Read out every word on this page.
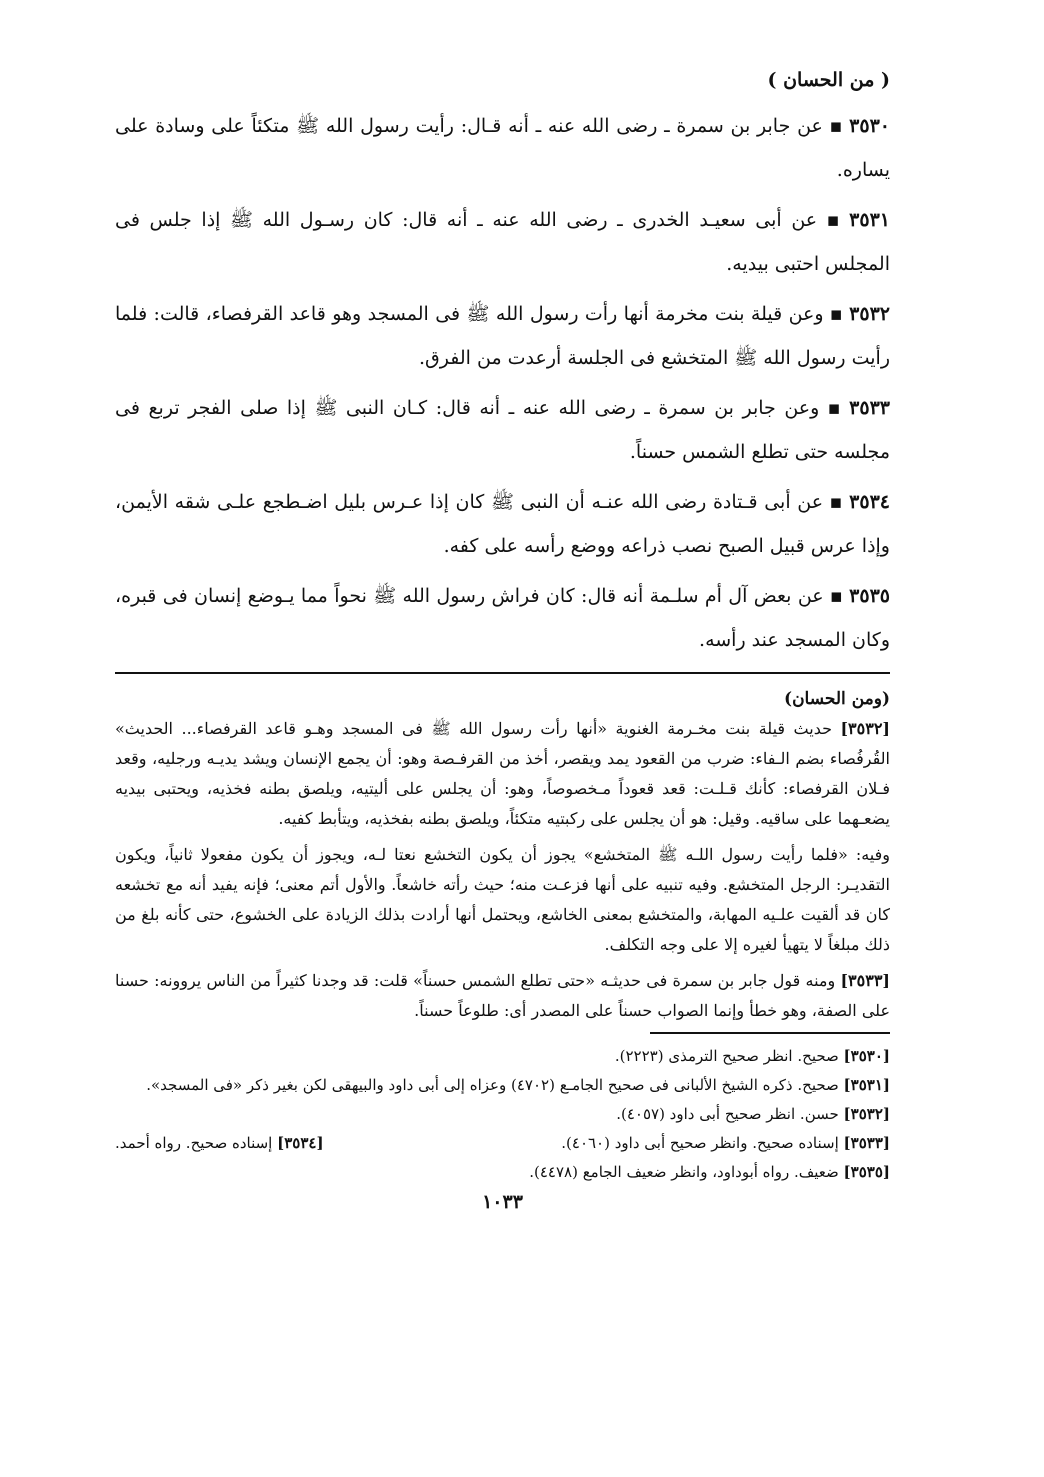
( من الحسان )
٣٥٣٠▪عن جابر بن سمرة ـ رضى الله عنه ـ أنه قـال: رأيت رسول الله ﷺ متكئاً على وسادة على يساره.
٣٥٣١▪عن أبى سعيـد الخدرى ـ رضى الله عنه ـ أنه قال: كان رسـول الله ﷺ إذا جلس فى المجلس احتبى بيديه.
٣٥٣٢▪وعن قيلة بنت مخرمة أنها رأت رسول الله ﷺ فى المسجد وهو قاعد القرفصاء، قالت: فلما رأيت رسول الله ﷺ المتخشع فى الجلسة أرعدت من الفرق.
٣٥٣٣▪وعن جابر بن سمرة ـ رضى الله عنه ـ أنه قال: كـان النبى ﷺ إذا صلى الفجر تربع فى مجلسه حتى تطلع الشمس حسناً.
٣٥٣٤▪عن أبى قـتادة رضى الله عنـه أن النبى ﷺ كان إذا عـرس بليل اضـطجع علـى شقه الأيمن، وإذا عرس قبيل الصبح نصب ذراعه ووضع رأسه على كفه.
٣٥٣٥▪عن بعض آل أم سلـمة أنه قال: كان فراش رسول الله ﷺ نحواً مما يـوضع إنسان فى قبره، وكان المسجد عند رأسه.
(ومن الحسان)

[٣٥٣٢] حديث قيلة بنت مخـرمة الغنوية «أنها رأت رسول الله ﷺ فى المسجد وهـو قاعد القرفصاء... الحديث» القُرفُصاء بضم الـفاء: ضرب من القعود يمد ويقصر، أخذ من القرفـصة وهو: أن يجمع الإنسان ويشد يديـه ورجليه، وقعد فـلان القرفصاء: كأنك قـلـت: قعد قعوداً مـخصوصاً، وهو: أن يجلس على أليتيه، ويلصق بطنه فخذيه، ويحتبى بيديه يضعـهما على ساقيه. وقيل: هو أن يجلس على ركبتيه متكئاً، ويلصق بطنه بفخذيه، ويتأبط كفيه.

وفيه: «فلما رأيت رسول اللـه ﷺ المتخشع» يجوز أن يكون التخشع نعتا لـه، ويجوز أن يكون مفعولا ثانياً، ويكون التقديـر: الرجل المتخشع. وفيه تنبيه على أنها فزعـت منه؛ حيث رأته خاشعاً. والأول أتم معنى؛ فإنه يفيد أنه مع تخشعه كان قد ألقيت علـيه المهابة، والمتخشع بمعنى الخاشع، ويحتمل أنها أرادت بذلك الزيادة على الخشوع، حتى كأنه بلغ من ذلك مبلغاً لا يتهيأ لغيره إلا على وجه التكلف.

[٣٥٣٣] ومنه قول جابر بن سمرة فى حديثـه «حتى تطلع الشمس حسناً» قلت: قد وجدنا كثيراً من الناس يروونه: حسنا على الصفة، وهو خطأ وإنما الصواب حسناً على المصدر أى: طلوعاً حسناً.

[٣٥٣٠] صحيح. انظر صحيح الترمذى (٢٢٢٣).

[٣٥٣١] صحيح. ذكره الشيخ الألبانى فى صحيح الجامـع (٤٧٠٢) وعزاه إلى أبى داود والبيهقى لكن بغير ذكر «فى المسجد».

[٣٥٣٢] حسن. انظر صحيح أبى داود (٤٠٥٧).

[٣٥٣٣] إسناده صحيح. وانظر صحيح أبى داود (٤٠٦٠).

[٣٥٣٤] إسناده صحيح. رواه أحمد.

[٣٥٣٥] ضعيف. رواه أبوداود، وانظر ضعيف الجامع (٤٤٧٨).

١٠٣٣
